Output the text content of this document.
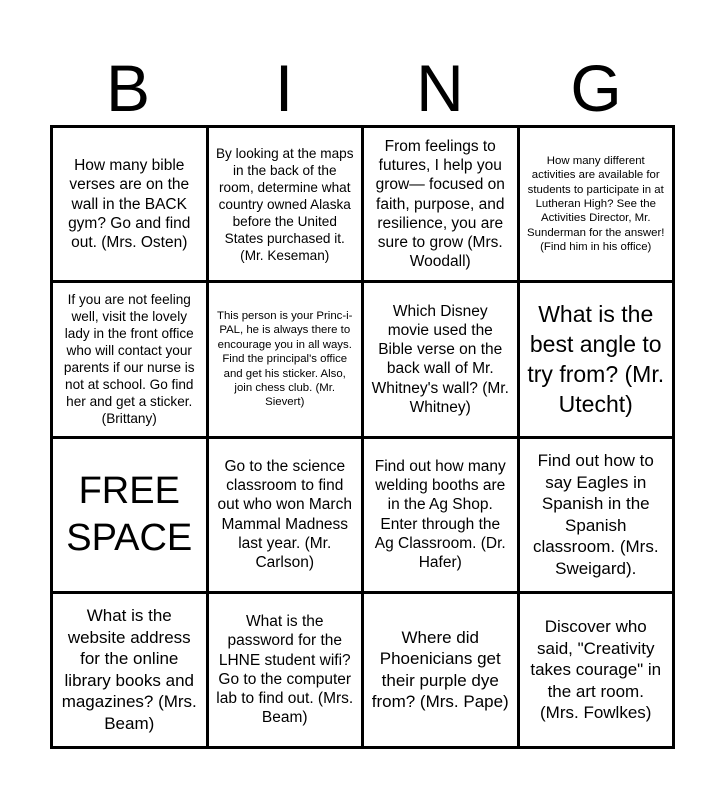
B	I	N	G
How many bible verses are on the wall in the BACK gym? Go and find out. (Mrs. Osten)
By looking at the maps in the back of the room, determine what country owned Alaska before the United States purchased it. (Mr. Keseman)
From feelings to futures, I help you grow— focused on faith, purpose, and resilience, you are sure to grow (Mrs. Woodall)
How many different activities are available for students to participate in at Lutheran High? See the Activities Director, Mr. Sunderman for the answer! (Find him in his office)
If you are not feeling well, visit the lovely lady in the front office who will contact your parents if our nurse is not at school. Go find her and get a sticker. (Brittany)
This person is your Princ-i-PAL, he is always there to encourage you in all ways. Find the principal's office and get his sticker. Also, join chess club. (Mr. Sievert)
Which Disney movie used the Bible verse on the back wall of Mr. Whitney's wall? (Mr. Whitney)
What is the best angle to try from? (Mr. Utecht)
FREE SPACE
Go to the science classroom to find out who won March Mammal Madness last year. (Mr. Carlson)
Find out how many welding booths are in the Ag Shop. Enter through the Ag Classroom. (Dr. Hafer)
Find out how to say Eagles in Spanish in the Spanish classroom. (Mrs. Sweigard).
What is the website address for the online library books and magazines? (Mrs. Beam)
What is the password for the LHNE student wifi? Go to the computer lab to find out. (Mrs. Beam)
Where did Phoenicians get their purple dye from? (Mrs. Pape)
Discover who said, "Creativity takes courage" in the art room. (Mrs. Fowlkes)
